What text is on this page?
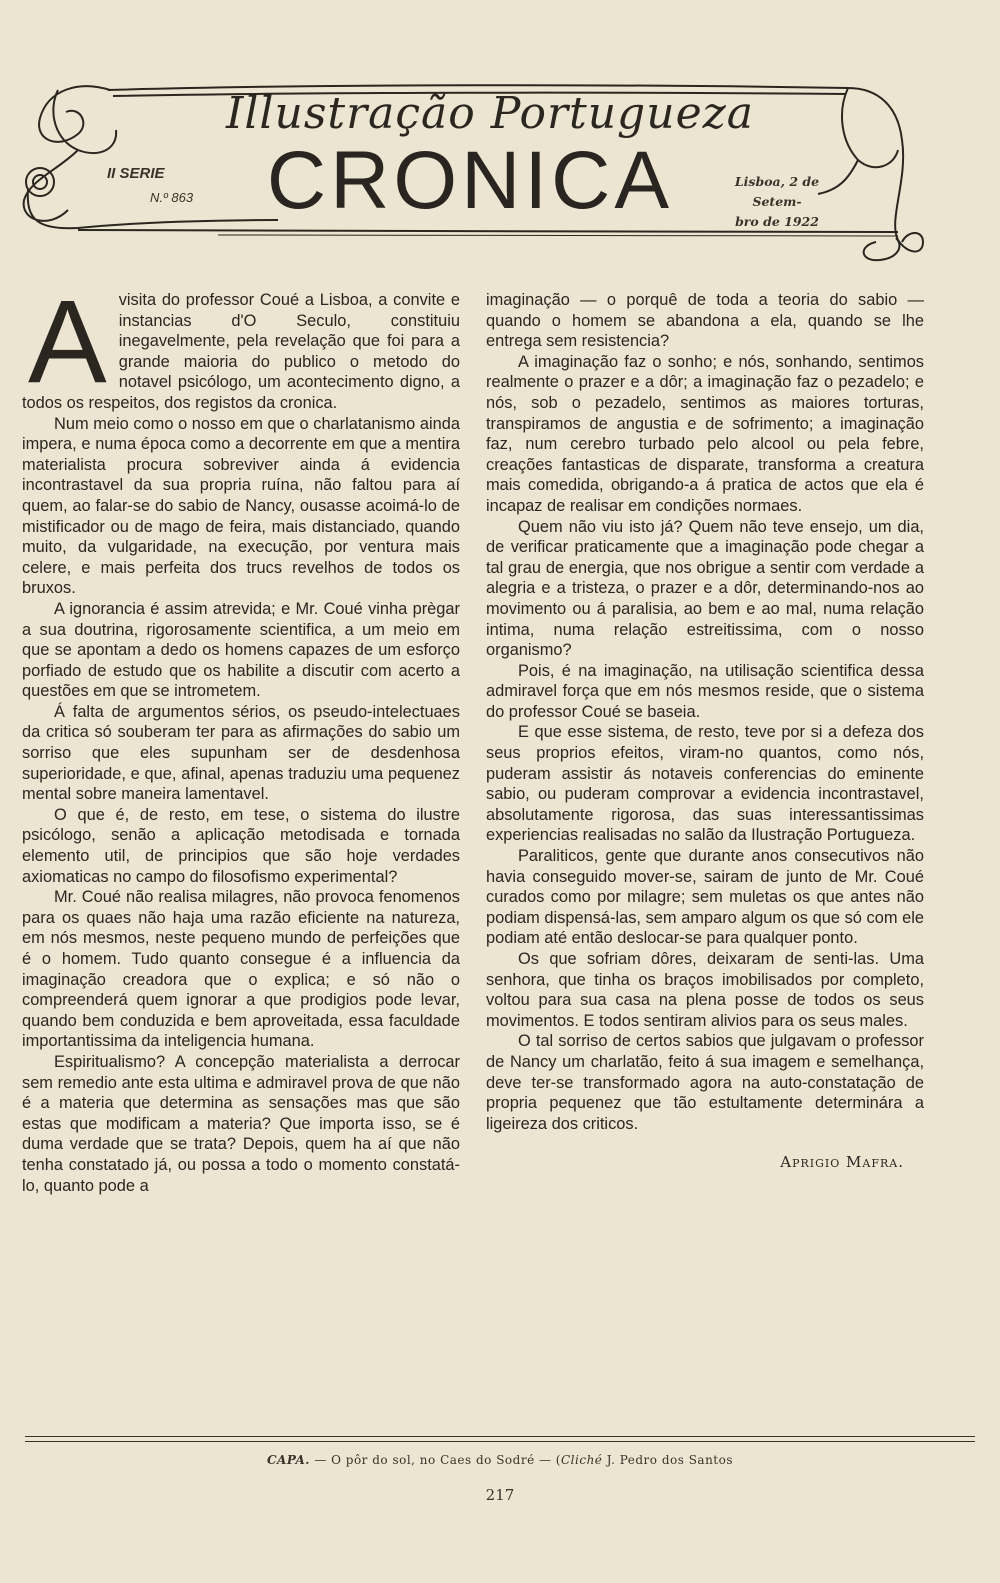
Illustração Portugueza
CRONICA
II SERIE
N.º 863
Lisboa, 2 de Setem-
bro de 1922

Avisita do professor Coué a Lisboa, a convite e instancias d'O Seculo, constituiu inegavelmente, pela revelação que foi para a grande maioria do publico o metodo do notavel psicólogo, um acontecimento digno, a todos os respeitos, dos registos da cronica.

Num meio como o nosso em que o charlatanismo ainda impera, e numa época como a decorrente em que a mentira materialista procura sobreviver ainda á evidencia incontrastavel da sua propria ruína, não faltou para aí quem, ao falar-se do sabio de Nancy, ousasse acoimá-lo de mistificador ou de mago de feira, mais distanciado, quando muito, da vulgaridade, na execução, por ventura mais celere, e mais perfeita dos trucs revelhos de todos os bruxos.

A ignorancia é assim atrevida; e Mr. Coué vinha prègar a sua doutrina, rigorosamente scientifica, a um meio em que se apontam a dedo os homens capazes de um esforço porfiado de estudo que os habilite a discutir com acerto a questões em que se intrometem.

Á falta de argumentos sérios, os pseudo-intelectuaes da critica só souberam ter para as afirmações do sabio um sorriso que eles supunham ser de desdenhosa superioridade, e que, afinal, apenas traduziu uma pequenez mental sobre maneira lamentavel.

O que é, de resto, em tese, o sistema do ilustre psicólogo, senão a aplicação metodisada e tornada elemento util, de principios que são hoje verdades axiomaticas no campo do filosofismo experimental?

Mr. Coué não realisa milagres, não provoca fenomenos para os quaes não haja uma razão eficiente na natureza, em nós mesmos, neste pequeno mundo de perfeições que é o homem. Tudo quanto consegue é a influencia da imaginação creadora que o explica; e só não o compreenderá quem ignorar a que prodigios pode levar, quando bem conduzida e bem aproveitada, essa faculdade importantissima da inteligencia humana.

Espiritualismo? A concepção materialista a derrocar sem remedio ante esta ultima e admiravel prova de que não é a materia que determina as sensações mas que são estas que modificam a materia? Que importa isso, se é duma verdade que se trata? Depois, quem ha aí que não tenha constatado já, ou possa a todo o momento constatá-lo, quanto pode a

imaginação — o porquê de toda a teoria do sabio — quando o homem se abandona a ela, quando se lhe entrega sem resistencia?

A imaginação faz o sonho; e nós, sonhando, sentimos realmente o prazer e a dôr; a imaginação faz o pezadelo; e nós, sob o pezadelo, sentimos as maiores torturas, transpiramos de angustia e de sofrimento; a imaginação faz, num cerebro turbado pelo alcool ou pela febre, creações fantasticas de disparate, transforma a creatura mais comedida, obrigando-a á pratica de actos que ela é incapaz de realisar em condições normaes.

Quem não viu isto já? Quem não teve ensejo, um dia, de verificar praticamente que a imaginação pode chegar a tal grau de energia, que nos obrigue a sentir com verdade a alegria e a tristeza, o prazer e a dôr, determinando-nos ao movimento ou á paralisia, ao bem e ao mal, numa relação intima, numa relação estreitissima, com o nosso organismo?

Pois, é na imaginação, na utilisação scientifica dessa admiravel força que em nós mesmos reside, que o sistema do professor Coué se baseia.

E que esse sistema, de resto, teve por si a defeza dos seus proprios efeitos, viram-no quantos, como nós, puderam assistir ás notaveis conferencias do eminente sabio, ou puderam comprovar a evidencia incontrastavel, absolutamente rigorosa, das suas interessantissimas experiencias realisadas no salão da Ilustração Portugueza.

Paraliticos, gente que durante anos consecutivos não havia conseguido mover-se, sairam de junto de Mr. Coué curados como por milagre; sem muletas os que antes não podiam dispensá-las, sem amparo algum os que só com ele podiam até então deslocar-se para qualquer ponto.

Os que sofriam dôres, deixaram de senti-las. Uma senhora, que tinha os braços imobilisados por completo, voltou para sua casa na plena posse de todos os seus movimentos. E todos sentiram alivios para os seus males.

O tal sorriso de certos sabios que julgavam o professor de Nancy um charlatão, feito á sua imagem e semelhança, deve ter-se transformado agora na auto-constatação de propria pequenez que tão estultamente determinára a ligeireza dos criticos.

Aprigio Mafra.
CAPA. — O pôr do sol, no Caes do Sodré — (Cliché J. Pedro dos Santos
217
